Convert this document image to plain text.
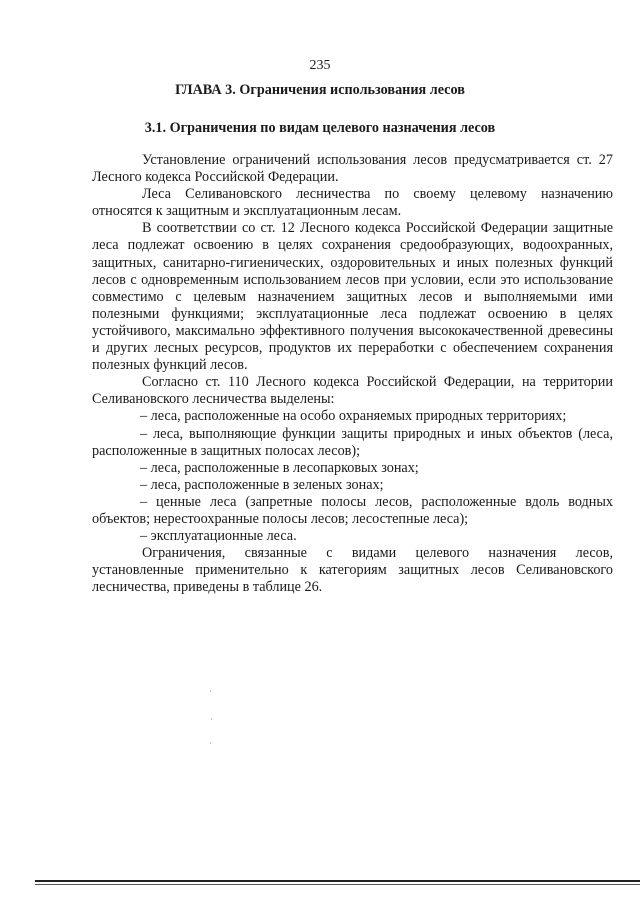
235
ГЛАВА 3. Ограничения использования лесов
3.1. Ограничения по видам целевого назначения лесов

Установление ограничений использования лесов предусматривается ст. 27 Лесного кодекса Российской Федерации.

Леса Селивановского лесничества по своему целевому назначению относятся к защитным и эксплуатационным лесам.

В соответствии со ст. 12 Лесного кодекса Российской Федерации защитные леса подлежат освоению в целях сохранения средообразующих, водоохранных, защитных, санитарно-гигиенических, оздоровительных и иных полезных функций лесов с одновременным использованием лесов при условии, если это использование совместимо с целевым назначением защитных лесов и выполняемыми ими полезными функциями; эксплуатационные леса подлежат освоению в целях устойчивого, максимально эффективного получения высококачественной древесины и других лесных ресурсов, продуктов их переработки с обеспечением сохранения полезных функций лесов.

Согласно ст. 110 Лесного кодекса Российской Федерации, на территории Селивановского лесничества выделены:

– леса, расположенные на особо охраняемых природных территориях;

– леса, выполняющие функции защиты природных и иных объектов (леса, расположенные в защитных полосах лесов);

– леса, расположенные в лесопарковых зонах;

– леса, расположенные в зеленых зонах;

– ценные леса (запретные полосы лесов, расположенные вдоль водных объектов; нерестоохранные полосы лесов; лесостепные леса);

– эксплуатационные леса.

Ограничения, связанные с видами целевого назначения лесов, установленные применительно к категориям защитных лесов Селивановского лесничества, приведены в таблице 26.
